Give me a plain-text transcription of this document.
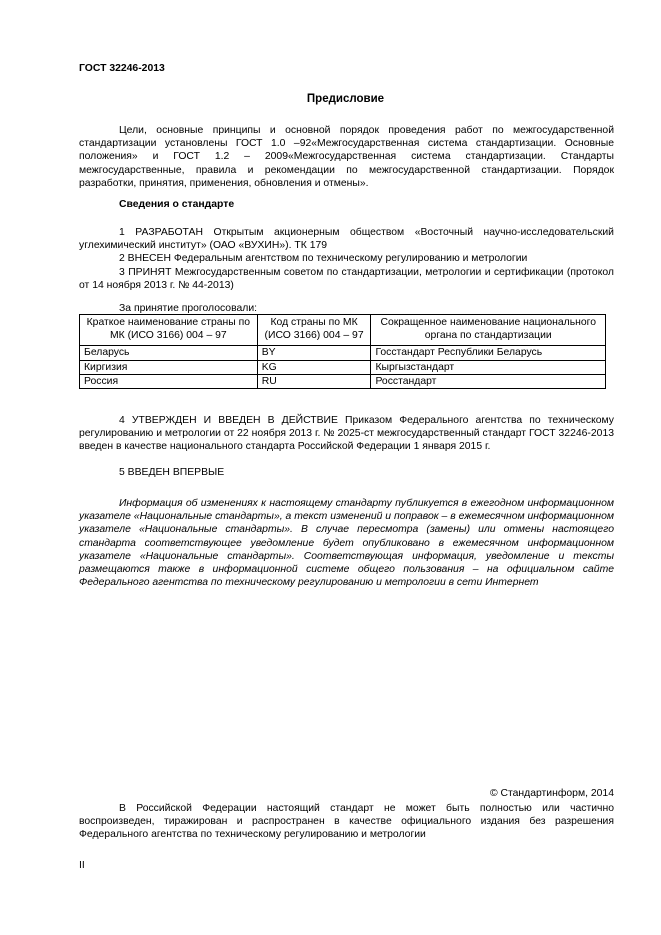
ГОСТ 32246-2013
Предисловие

Цели, основные принципы и основной порядок проведения работ по межгосударственной стандартизации установлены ГОСТ 1.0 –92«Межгосударственная система стандартизации. Основные положения» и ГОСТ 1.2 – 2009«Межгосударственная система стандартизации. Стандарты межгосударственные, правила и рекомендации по межгосударственной стандартизации. Порядок разработки, принятия, применения, обновления и отмены».

Сведения о стандарте

1 РАЗРАБОТАН Открытым акционерным обществом «Восточный научно-исследовательский углехимический институт» (ОАО «ВУХИН»). ТК 179

2 ВНЕСЕН Федеральным агентством по техническому регулированию и метрологии

3 ПРИНЯТ Межгосударственным советом по стандартизации, метрологии и сертификации (протокол от 14 ноября 2013 г. № 44-2013)

За принятие проголосовали:

Краткое наименование страны по МК (ИСО 3166) 004 – 97	Код страны по МК (ИСО 3166) 004 – 97	Сокращенное наименование национального органа по стандартизации
Беларусь	BY	Госстандарт Республики Беларусь
Киргизия	KG	Кыргызстандарт
Россия	RU	Росстандарт

4 УТВЕРЖДЕН И ВВЕДЕН В ДЕЙСТВИЕ Приказом Федерального агентства по техническому регулированию и метрологии от 22 ноября 2013 г. № 2025-ст межгосударственный стандарт ГОСТ 32246-2013 введен в качестве национального стандарта Российской Федерации 1 января 2015 г.

5 ВВЕДЕН ВПЕРВЫЕ

Информация об изменениях к настоящему стандарту публикуется в ежегодном информационном указателе «Национальные стандарты», а текст изменений и поправок – в ежемесячном информационном указателе «Национальные стандарты». В случае пересмотра (замены) или отмены настоящего стандарта соответствующее уведомление будет опубликовано в ежемесячном информационном указателе «Национальные стандарты». Соответствующая информация, уведомление и тексты размещаются также в информационной системе общего пользования – на официальном сайте Федерального агентства по техническому регулированию и метрологии в сети Интернет

© Стандартинформ, 2014

В Российской Федерации настоящий стандарт не может быть полностью или частично воспроизведен, тиражирован и распространен в качестве официального издания без разрешения Федерального агентства по техническому регулированию и метрологии

II
